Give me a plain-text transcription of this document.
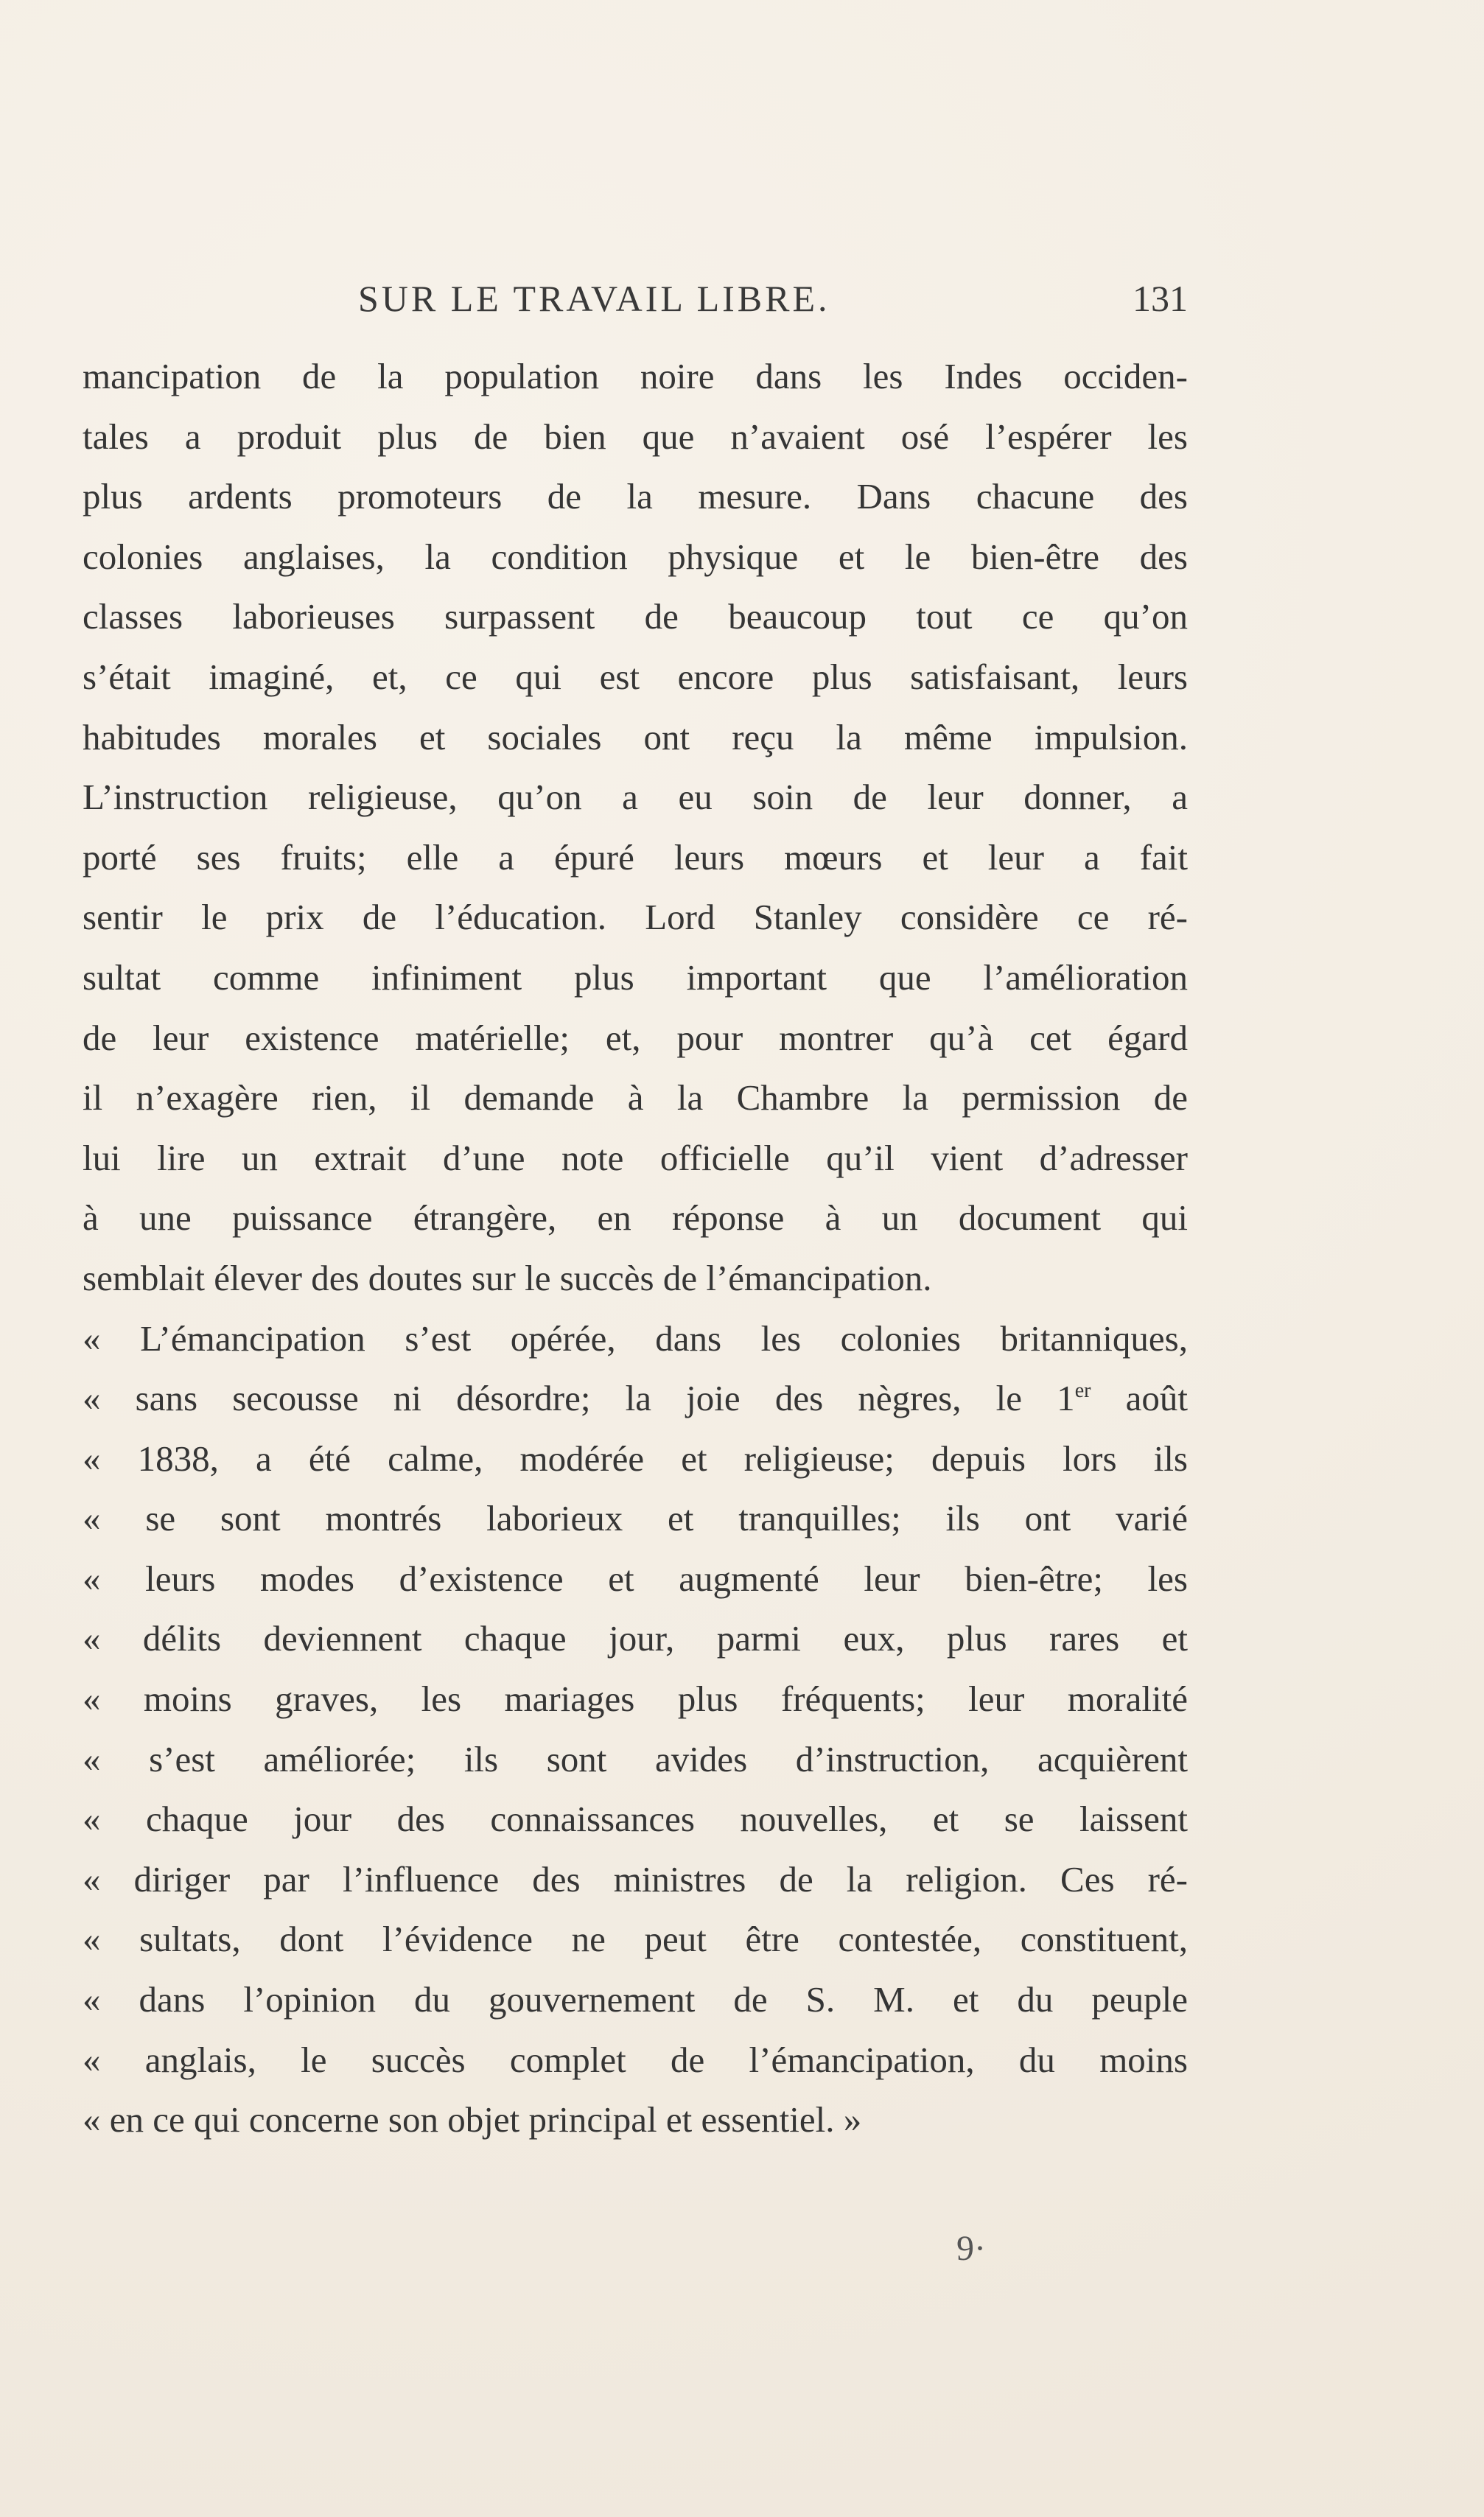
SUR LE TRAVAIL LIBRE.	131
mancipation de la population noire dans les Indes occiden-
tales a produit plus de bien que n’avaient osé l’espérer les
plus ardents promoteurs de la mesure. Dans chacune des
colonies anglaises, la condition physique et le bien-être des
classes laborieuses surpassent de beaucoup tout ce qu’on
s’était imaginé, et, ce qui est encore plus satisfaisant, leurs
habitudes morales et sociales ont reçu la même impulsion.
L’instruction religieuse, qu’on a eu soin de leur donner, a
porté ses fruits; elle a épuré leurs mœurs et leur a fait
sentir le prix de l’éducation. Lord Stanley considère ce ré-
sultat comme infiniment plus important que l’amélioration
de leur existence matérielle; et, pour montrer qu’à cet égard
il n’exagère rien, il demande à la Chambre la permission de
lui lire un extrait d’une note officielle qu’il vient d’adresser
à une puissance étrangère, en réponse à un document qui
semblait élever des doutes sur le succès de l’émancipation.
« L’émancipation s’est opérée, dans les colonies britanniques,
« sans secousse ni désordre; la joie des nègres, le 1er août
« 1838, a été calme, modérée et religieuse; depuis lors ils
« se sont montrés laborieux et tranquilles; ils ont varié
« leurs modes d’existence et augmenté leur bien-être; les
« délits deviennent chaque jour, parmi eux, plus rares et
« moins graves, les mariages plus fréquents; leur moralité
« s’est améliorée; ils sont avides d’instruction, acquièrent
« chaque jour des connaissances nouvelles, et se laissent
« diriger par l’influence des ministres de la religion. Ces ré-
« sultats, dont l’évidence ne peut être contestée, constituent,
« dans l’opinion du gouvernement de S. M. et du peuple
« anglais, le succès complet de l’émancipation, du moins
« en ce qui concerne son objet principal et essentiel. »
9·
